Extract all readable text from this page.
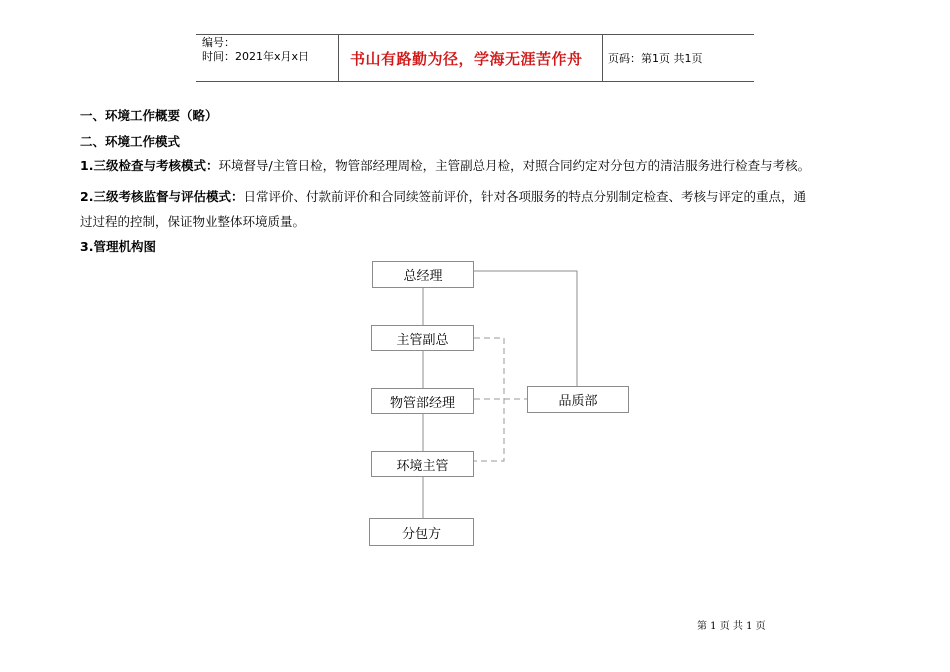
编号：
时间：2021年x月x日	书山有路勤为径，学海无涯苦作舟 页码：第1页 共1页
一、环境工作概要（略）
二、环境工作模式
1.三级检查与考核模式：环境督导/主管日检，物管部经理周检，主管副总月检，对照合同约定对分包方的清洁服务进行检查与考核。
2.三级考核监督与评估模式：日常评价、付款前评价和合同续签前评价，针对各项服务的特点分别制定检查、考核与评定的重点，通
过过程的控制，保证物业整体环境质量。
3.管理机构图
总经理
主管副总
物管部经理
环境主管
分包方
品质部
第 1 页 共 1 页
